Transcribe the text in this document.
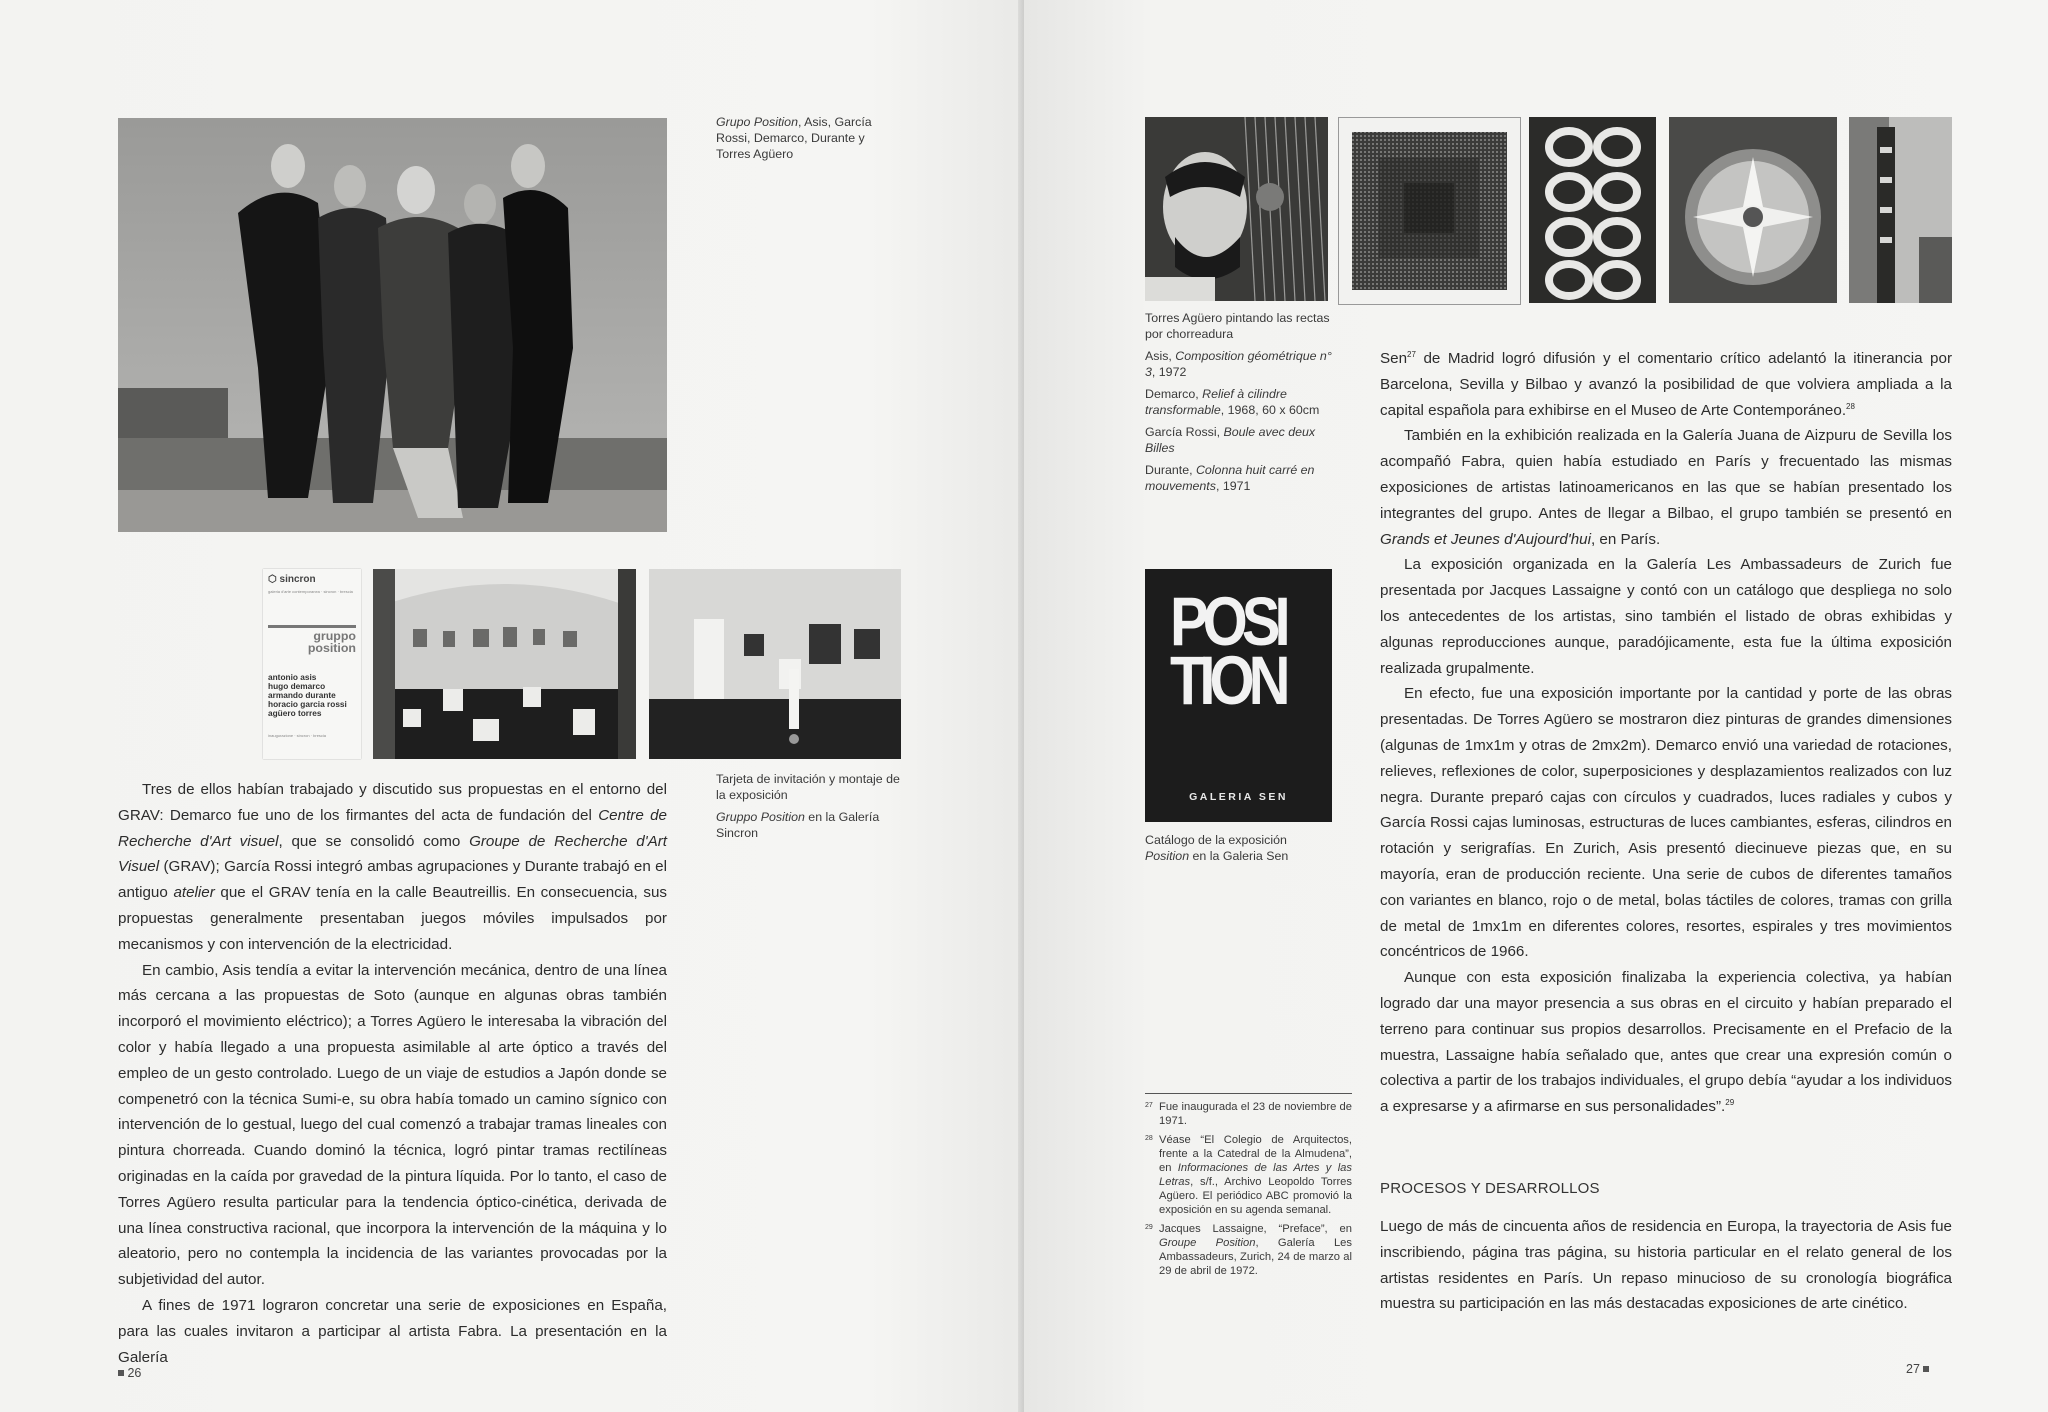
Grupo Position, Asis, García Rossi, Demarco, Durante y Torres Agüero
⬡ sincron
galeria d'arte contemporanea · sincron · brescia
gruppo
position
antonio asis
hugo demarco
armando durante
horacio garcia rossi
agüero torres
inaugurazione · sincron · brescia

Tarjeta de invitación y montaje de la exposición

Gruppo Position en la Galería Sincron

Tres de ellos habían trabajado y discutido sus propuestas en el entorno del GRAV: Demarco fue uno de los firmantes del acta de fundación del Centre de Recherche d'Art visuel, que se consolidó como Groupe de Recherche d'Art Visuel (GRAV); García Rossi integró ambas agrupaciones y Durante trabajó en el antiguo atelier que el GRAV tenía en la calle Beautreillis. En consecuencia, sus propuestas generalmente presentaban juegos móviles impulsados por mecanismos y con intervención de la electricidad.

En cambio, Asis tendía a evitar la intervención mecánica, dentro de una línea más cercana a las propuestas de Soto (aunque en algunas obras también incorporó el movimiento eléctrico); a Torres Agüero le interesaba la vibración del color y había llegado a una propuesta asimilable al arte óptico a través del empleo de un gesto controlado. Luego de un viaje de estudios a Japón donde se compenetró con la técnica Sumi-e, su obra había tomado un camino sígnico con intervención de lo gestual, luego del cual comenzó a trabajar tramas lineales con pintura chorreada. Cuando dominó la técnica, logró pintar tramas rectilíneas originadas en la caída por gravedad de la pintura líquida. Por lo tanto, el caso de Torres Agüero resulta particular para la tendencia óptico-cinética, derivada de una línea constructiva racional, que incorpora la intervención de la máquina y lo aleatorio, pero no contempla la incidencia de las variantes provocadas por la subjetividad del autor.

A fines de 1971 lograron concretar una serie de exposiciones en España, para las cuales invitaron a participar al artista Fabra. La presentación en la Galería

26

Torres Agüero pintando las rectas por chorreadura

Asis, Composition géométrique n° 3, 1972

Demarco, Relief à cilindre transformable, 1968, 60 x 60cm

García Rossi, Boule avec deux Billes

Durante, Colonna huit carré en mouvements, 1971

POSI
TION
GALERIA SEN
Catálogo de la exposición
Position en la Galeria Sen

Sen$^{27}$ de Madrid logró difusión y el comentario crítico adelantó la itinerancia por Barcelona, Sevilla y Bilbao y avanzó la posibilidad de que volviera ampliada a la capital española para exhibirse en el Museo de Arte Contemporáneo.$^{28}$

También en la exhibición realizada en la Galería Juana de Aizpuru de Sevilla los acompañó Fabra, quien había estudiado en París y frecuentado las mismas exposiciones de artistas latinoamericanos en las que se habían presentado los integrantes del grupo. Antes de llegar a Bilbao, el grupo también se presentó en Grands et Jeunes d'Aujourd'hui, en París.

La exposición organizada en la Galería Les Ambassadeurs de Zurich fue presentada por Jacques Lassaigne y contó con un catálogo que despliega no solo los antecedentes de los artistas, sino también el listado de obras exhibidas y algunas reproducciones aunque, paradójicamente, esta fue la última exposición realizada grupalmente.

En efecto, fue una exposición importante por la cantidad y porte de las obras presentadas. De Torres Agüero se mostraron diez pinturas de grandes dimensiones (algunas de 1mx1m y otras de 2mx2m). Demarco envió una variedad de rotaciones, relieves, reflexiones de color, superposiciones y desplazamientos realizados con luz negra. Durante preparó cajas con círculos y cuadrados, luces radiales y cubos y García Rossi cajas luminosas, estructuras de luces cambiantes, esferas, cilindros en rotación y serigrafías. En Zurich, Asis presentó diecinueve piezas que, en su mayoría, eran de producción reciente. Una serie de cubos de diferentes tamaños con variantes en blanco, rojo o de metal, bolas táctiles de colores, tramas con grilla de metal de 1mx1m en diferentes colores, resortes, espirales y tres movimientos concéntricos de 1966.

Aunque con esta exposición finalizaba la experiencia colectiva, ya habían logrado dar una mayor presencia a sus obras en el circuito y habían preparado el terreno para continuar sus propios desarrollos. Precisamente en el Prefacio de la muestra, Lassaigne había señalado que, antes que crear una expresión común o colectiva a partir de los trabajos individuales, el grupo debía “ayudar a los individuos a expresarse y a afirmarse en sus personalidades”.$^{29}$

27 Fue inaugurada el 23 de noviembre de 1971.
28 Véase “El Colegio de Arquitectos, frente a la Catedral de la Almudena”, en Informaciones de las Artes y las Letras, s/f., Archivo Leopoldo Torres Agüero. El periódico ABC promovió la exposición en su agenda semanal.
29 Jacques Lassaigne, “Preface”, en Groupe Position, Galería Les Ambassadeurs, Zurich, 24 de marzo al 29 de abril de 1972.
PROCESOS Y DESARROLLOS

Luego de más de cincuenta años de residencia en Europa, la trayectoria de Asis fue inscribiendo, página tras página, su historia particular en el relato general de los artistas residentes en París. Un repaso minucioso de su cronología biográfica muestra su participación en las más destacadas exposiciones de arte cinético.

27
